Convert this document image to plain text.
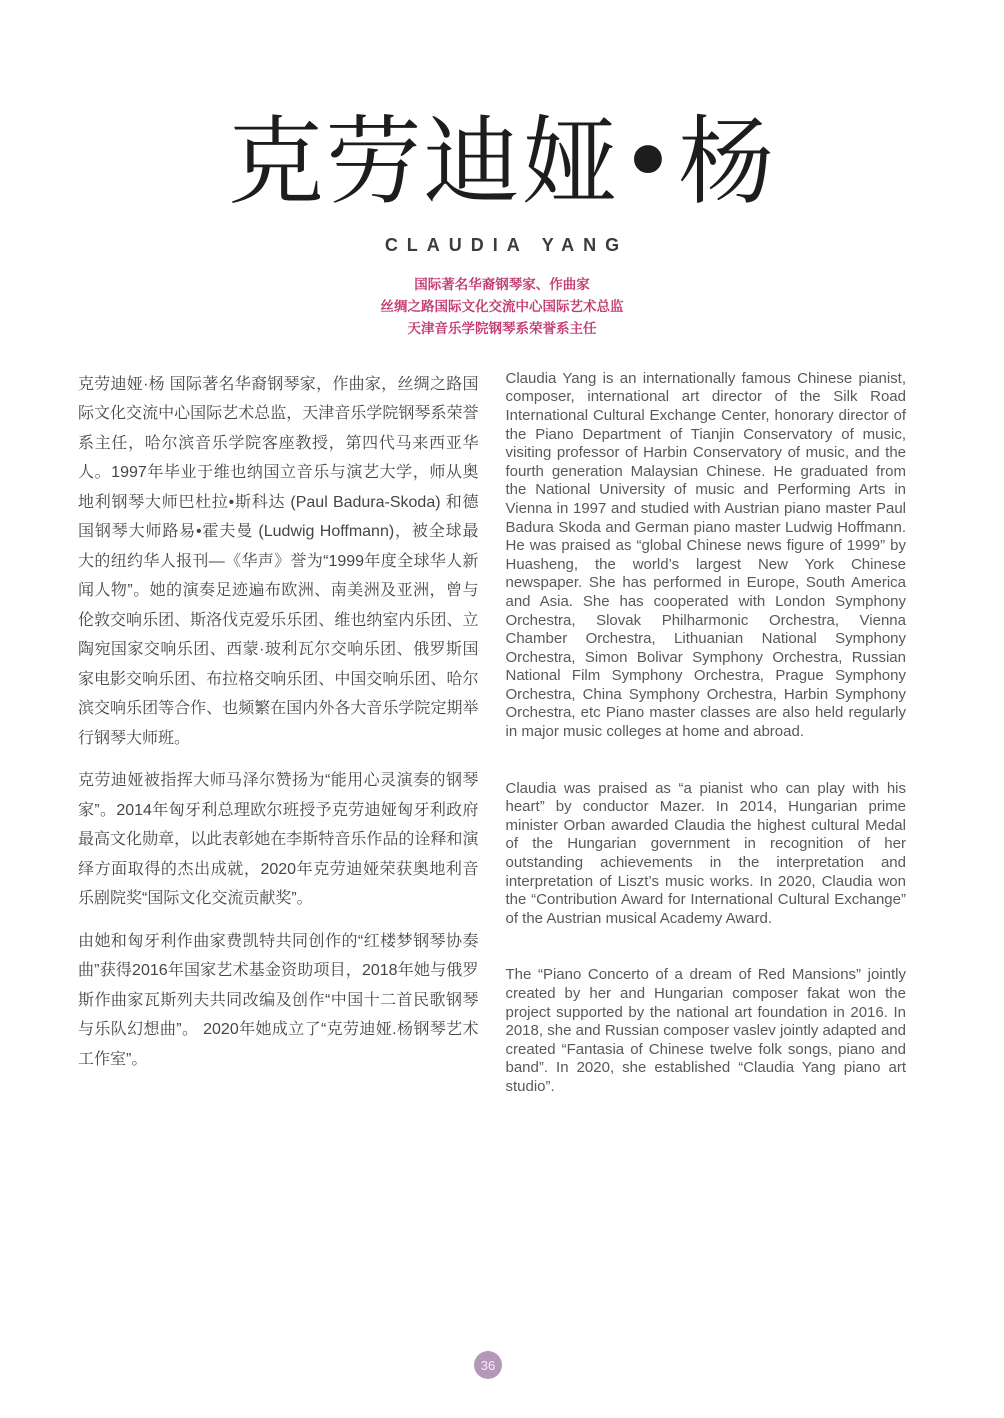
克劳迪娅•杨
CLAUDIA YANG
国际著名华裔钢琴家、作曲家
丝绸之路国际文化交流中心国际艺术总监
天津音乐学院钢琴系荣誉系主任

克劳迪娅·杨 国际著名华裔钢琴家，作曲家，丝绸之路国际文化交流中心国际艺术总监，天津音乐学院钢琴系荣誉系主任，哈尔滨音乐学院客座教授，第四代马来西亚华人。1997年毕业于维也纳国立音乐与演艺大学，师从奥地利钢琴大师巴杜拉•斯科达 (Paul Badura-Skoda) 和德国钢琴大师路易•霍夫曼 (Ludwig Hoffmann)，被全球最大的纽约华人报刊—《华声》誉为“1999年度全球华人新闻人物”。她的演奏足迹遍布欧洲、南美洲及亚洲，曾与伦敦交响乐团、斯洛伐克爱乐乐团、维也纳室内乐团、立陶宛国家交响乐团、西蒙·玻利瓦尔交响乐团、俄罗斯国家电影交响乐团、布拉格交响乐团、中国交响乐团、哈尔滨交响乐团等合作、也频繁在国内外各大音乐学院定期举行钢琴大师班。

克劳迪娅被指挥大师马泽尔赞扬为“能用心灵演奏的钢琴家”。2014年匈牙利总理欧尔班授予克劳迪娅匈牙利政府最高文化勋章，以此表彰她在李斯特音乐作品的诠释和演绎方面取得的杰出成就，2020年克劳迪娅荣获奥地利音乐剧院奖“国际文化交流贡献奖”。

由她和匈牙利作曲家费凯特共同创作的“红楼梦钢琴协奏曲”获得2016年国家艺术基金资助项目，2018年她与俄罗斯作曲家瓦斯列夫共同改编及创作“中国十二首民歌钢琴与乐队幻想曲”。 2020年她成立了“克劳迪娅.杨钢琴艺术工作室”。

Claudia Yang is an internationally famous Chinese pianist, composer, international art director of the Silk Road International Cultural Exchange Center, honorary director of the Piano Department of Tianjin Conservatory of music, visiting professor of Harbin Conservatory of music, and the fourth generation Malaysian Chinese. He graduated from the National University of music and Performing Arts in Vienna in 1997 and studied with Austrian piano master Paul Badura Skoda and German piano master Ludwig Hoffmann. He was praised as “global Chinese news figure of 1999” by Huasheng, the world’s largest New York Chinese newspaper. She has performed in Europe, South America and Asia. She has cooperated with London Symphony Orchestra, Slovak Philharmonic Orchestra, Vienna Chamber Orchestra, Lithuanian National Symphony Orchestra, Simon Bolivar Symphony Orchestra, Russian National Film Symphony Orchestra, Prague Symphony Orchestra, China Symphony Orchestra, Harbin Symphony Orchestra, etc Piano master classes are also held regularly in major music colleges at home and abroad.

Claudia was praised as “a pianist who can play with his heart” by conductor Mazer. In 2014, Hungarian prime minister Orban awarded Claudia the highest cultural Medal of the Hungarian government in recognition of her outstanding achievements in the interpretation and interpretation of Liszt’s music works. In 2020, Claudia won the “Contribution Award for International Cultural Exchange” of the Austrian musical Academy Award.

The “Piano Concerto of a dream of Red Mansions” jointly created by her and Hungarian composer fakat won the project supported by the national art foundation in 2016. In 2018, she and Russian composer vaslev jointly adapted and created “Fantasia of Chinese twelve folk songs, piano and band”. In 2020, she established “Claudia Yang piano art studio”.

36
